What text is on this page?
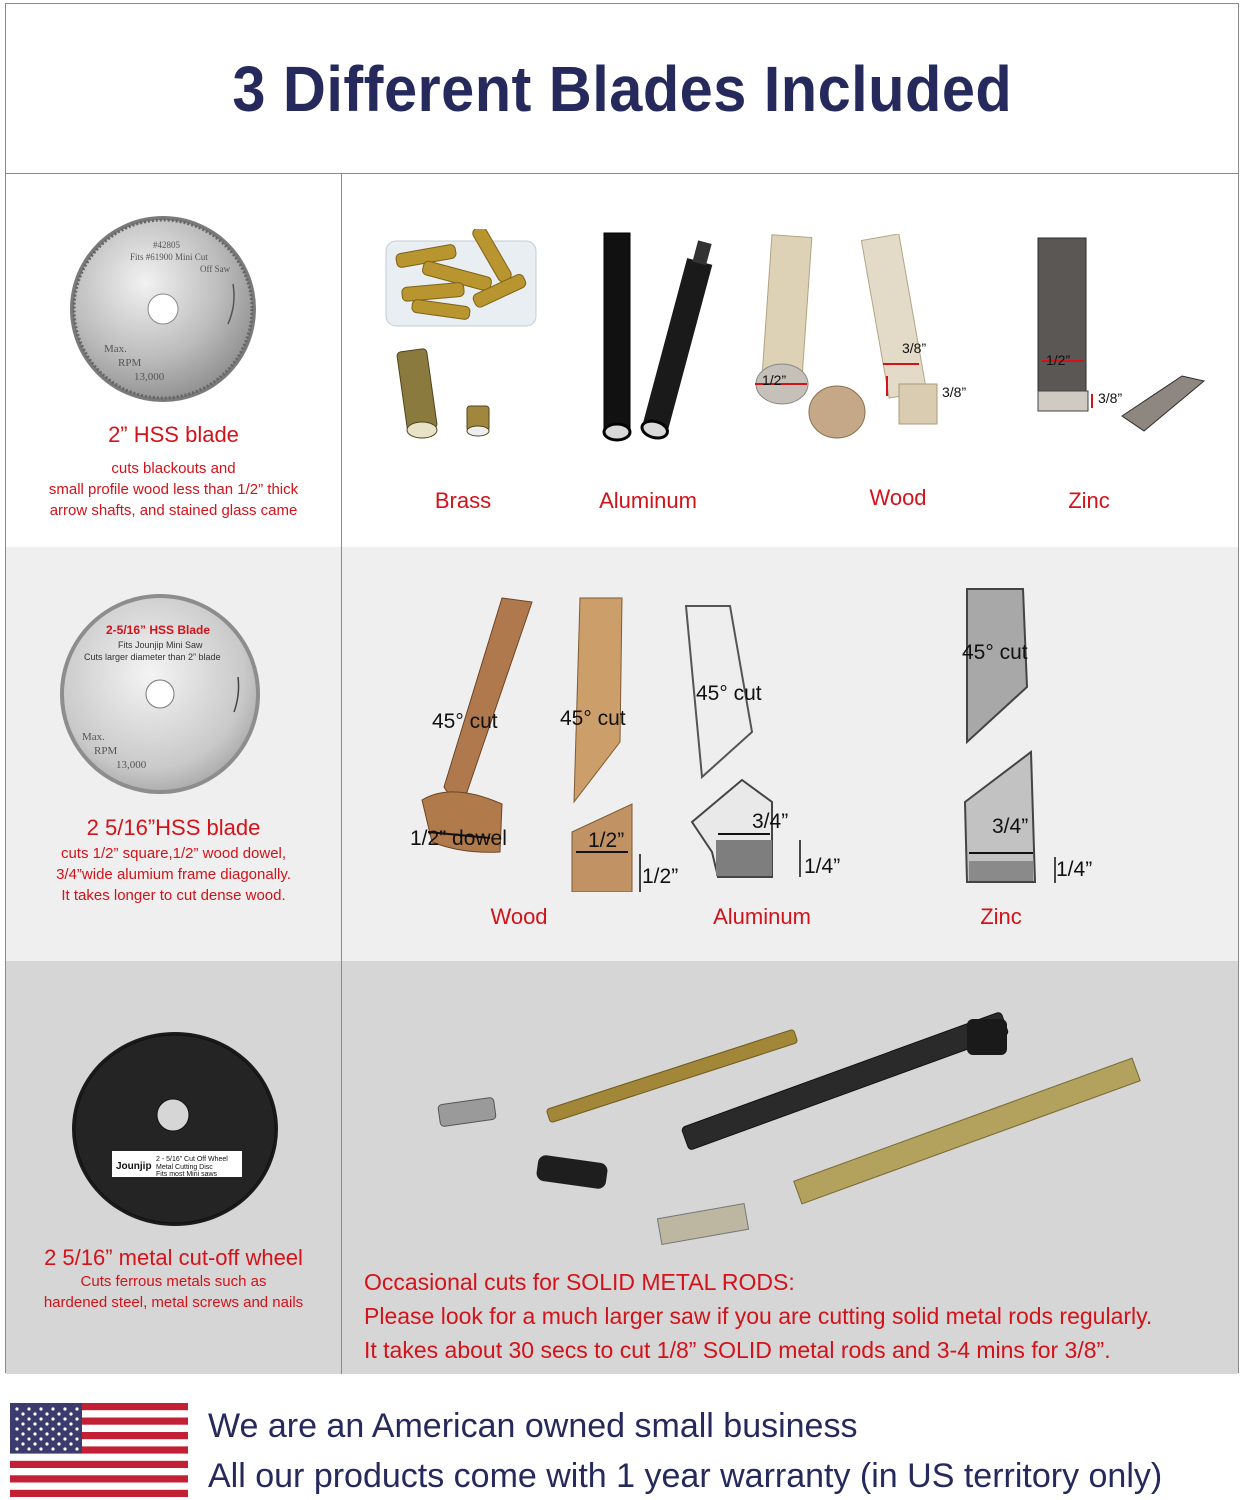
3 Different Blades Included
#42805
Fits #61900 Mini Cut
Off Saw
Max.
RPM
13,000
2” HSS blade
cuts blackouts and
small profile wood less than 1/2” thick
arrow shafts, and stained glass came	Brass	Aluminum
1/2”
3/8”
3/8”
Wood
1/2”
3/8”
Zinc
2-5/16” HSS Blade
Fits Jounjip Mini Saw
Cuts larger diameter than 2” blade
Max.
RPM
13,000
2 5/16”HSS blade
cuts 1/2” square,1/2” wood dowel,
3/4”wide alumium frame diagonally.
It takes longer to cut dense wood.
45° cut	45° cut
1/2” dowel	1/2”
1/2”
Wood
45° cut
3/4”
1/4”
Aluminum
45° cut
3/4”
1/4”
Zinc
Jounjip
2 - 5/16” Cut Off Wheel
Metal Cutting Disc
Fits most Mini saws
2 5/16” metal cut-off wheel
Cuts ferrous metals such as
hardened steel, metal screws and nails
Occasional cuts for SOLID METAL RODS:
Please look for a much larger saw if you are cutting solid metal rods regularly.
It takes about 30 secs to cut 1/8” SOLID metal rods and 3-4 mins for 3/8”.
We are an American owned small business
All our products come with 1 year warranty (in US territory only)
